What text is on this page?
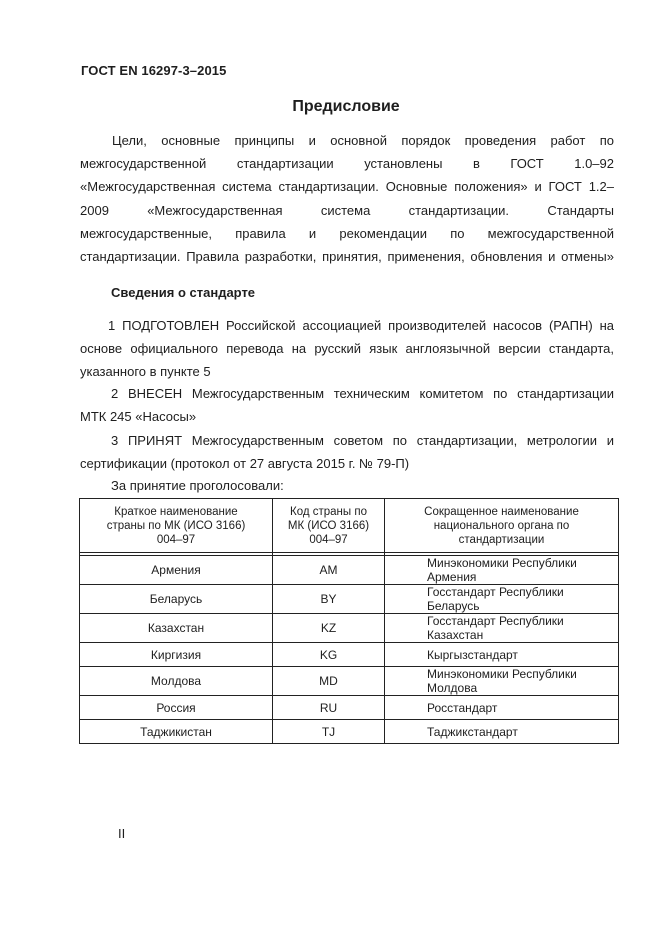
ГОСТ EN 16297-3–2015
Предисловие
Цели, основные принципы и основной порядок проведения работ по
межгосударственной стандартизации установлены в ГОСТ 1.0–92
«Межгосударственная система стандартизации. Основные положения» и ГОСТ 1.2–
2009 «Межгосударственная система стандартизации. Стандарты
межгосударственные, правила и рекомендации по межгосударственной
стандартизации. Правила разработки, принятия, применения, обновления и отмены»
Сведения о стандарте
1 ПОДГОТОВЛЕН Российской ассоциацией производителей насосов (РАПН) на
основе официального перевода на русский язык англоязычной версии стандарта,
указанного в пункте 5
2 ВНЕСЕН Межгосударственным техническим комитетом по стандартизации
МТК 245 «Насосы»
3 ПРИНЯТ Межгосударственным советом по стандартизации, метрологии и
сертификации (протокол от 27 августа 2015 г. № 79-П)
За принятие проголосовали:
Краткое наименование страны по МК (ИСО 3166) 004–97	Код страны по МК (ИСО 3166) 004–97	Сокращенное наименование национального органа по стандартизации

Армения	AM	Минэкономики Республики Армения
Беларусь	BY	Госстандарт Республики Беларусь
Казахстан	KZ	Госстандарт Республики Казахстан
Киргизия	KG	Кыргызстандарт
Молдова	MD	Минэкономики Республики Молдова
Россия	RU	Росстандарт
Таджикистан	TJ	Таджикстандарт
II
